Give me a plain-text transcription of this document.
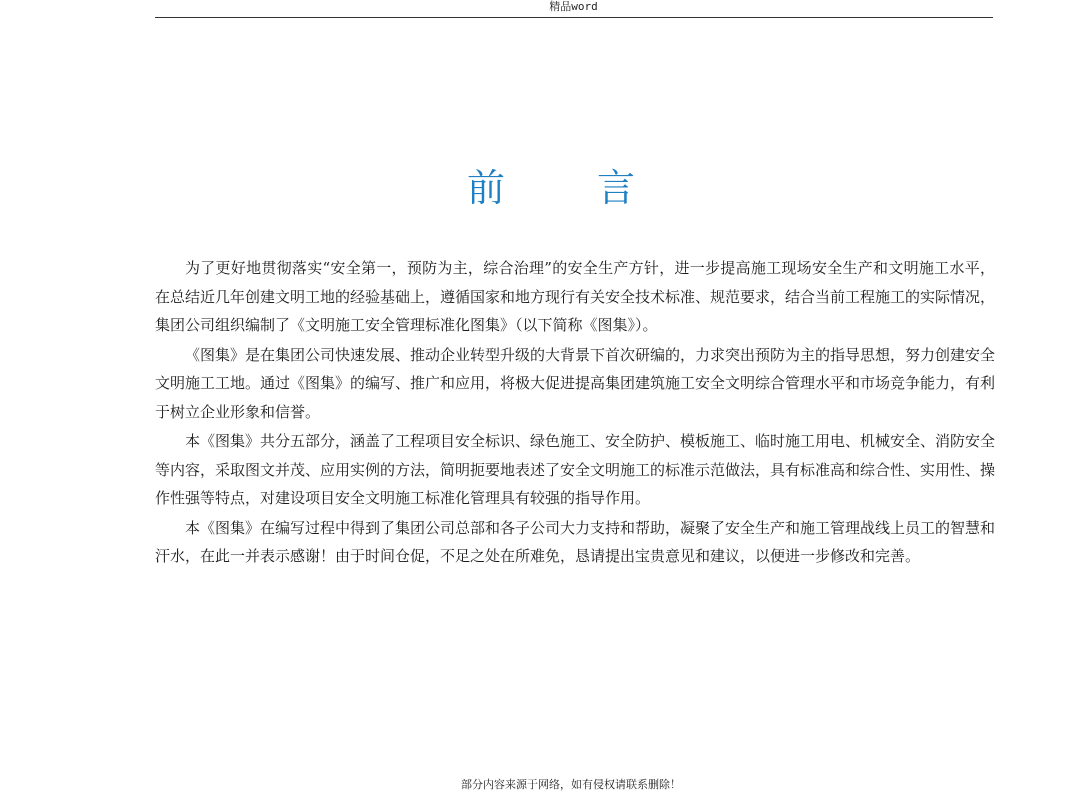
精品word
前 言

为了更好地贯彻落实“安全第一，预防为主，综合治理”的安全生产方针，进一步提高施工现场安全生产和文明施工水平，在总结近几年创建文明工地的经验基础上，遵循国家和地方现行有关安全技术标准、规范要求，结合当前工程施工的实际情况，集团公司组织编制了《文明施工安全管理标准化图集》（以下简称《图集》）。

《图集》是在集团公司快速发展、推动企业转型升级的大背景下首次研编的，力求突出预防为主的指导思想，努力创建安全文明施工工地。通过《图集》的编写、推广和应用，将极大促进提高集团建筑施工安全文明综合管理水平和市场竞争能力，有利于树立企业形象和信誉。

本《图集》共分五部分，涵盖了工程项目安全标识、绿色施工、安全防护、模板施工、临时施工用电、机械安全、消防安全等内容，采取图文并茂、应用实例的方法，简明扼要地表述了安全文明施工的标准示范做法，具有标准高和综合性、实用性、操作性强等特点，对建设项目安全文明施工标准化管理具有较强的指导作用。

本《图集》在编写过程中得到了集团公司总部和各子公司大力支持和帮助，凝聚了安全生产和施工管理战线上员工的智慧和汗水，在此一并表示感谢！由于时间仓促，不足之处在所难免，恳请提出宝贵意见和建议，以便进一步修改和完善。

部分内容来源于网络，如有侵权请联系删除！
